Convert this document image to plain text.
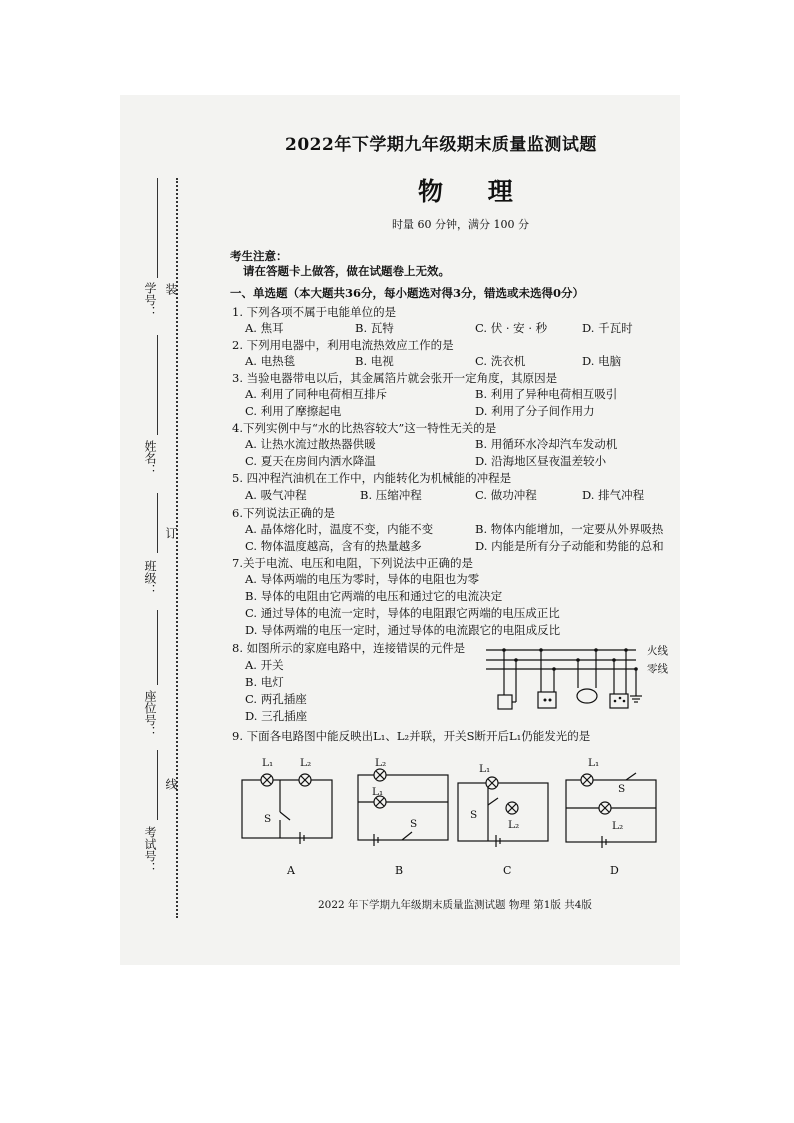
学号：
姓名：
班级：
座位号：
考试号：
装
订
线
2022年下学期九年级期末质量监测试题
物 理
时量 60 分钟，满分 100 分
考生注意：
请在答题卡上做答，做在试题卷上无效。
一、单选题（本大题共36分，每小题选对得3分，错选或未选得0分）
1. 下列各项不属于电能单位的是
A. 焦耳	B. 瓦特	C. 伏 · 安 · 秒	D. 千瓦时
2. 下列用电器中，利用电流热效应工作的是
A. 电热毯	B. 电视	C. 洗衣机	D. 电脑
3. 当验电器带电以后，其金属箔片就会张开一定角度，其原因是
A. 利用了同种电荷相互排斥	B. 利用了异种电荷相互吸引
C. 利用了摩擦起电	D. 利用了分子间作用力
4.下列实例中与“水的比热容较大”这一特性无关的是
A. 让热水流过散热器供暖	B. 用循环水冷却汽车发动机
C. 夏天在房间内洒水降温	D. 沿海地区昼夜温差较小
5. 四冲程汽油机在工作中，内能转化为机械能的冲程是
A. 吸气冲程	B. 压缩冲程	C. 做功冲程	D. 排气冲程
6.下列说法正确的是
A. 晶体熔化时，温度不变，内能不变	B. 物体内能增加，一定要从外界吸热
C. 物体温度越高，含有的热量越多	D. 内能是所有分子动能和势能的总和
7.关于电流、电压和电阻，下列说法中正确的是
A. 导体两端的电压为零时，导体的电阻也为零
B. 导体的电阻由它两端的电压和通过它的电流决定
C. 通过导体的电流一定时，导体的电阻跟它两端的电压成正比
D. 导体两端的电压一定时，通过导体的电流跟它的电阻成反比
8. 如图所示的家庭电路中，连接错误的元件是
A. 开关
B. 电灯
C. 两孔插座
D. 三孔插座
火线
零线
9. 下面各电路图中能反映出L₁、L₂并联，开关S断开后L₁仍能发光的是
L₁	L₂
S
L₂
L₁
S
L₁
S
L₂
L₁
S
L₂
A	B	C	D
2022 年下学期九年级期末质量监测试题 物理 第1版 共4版
